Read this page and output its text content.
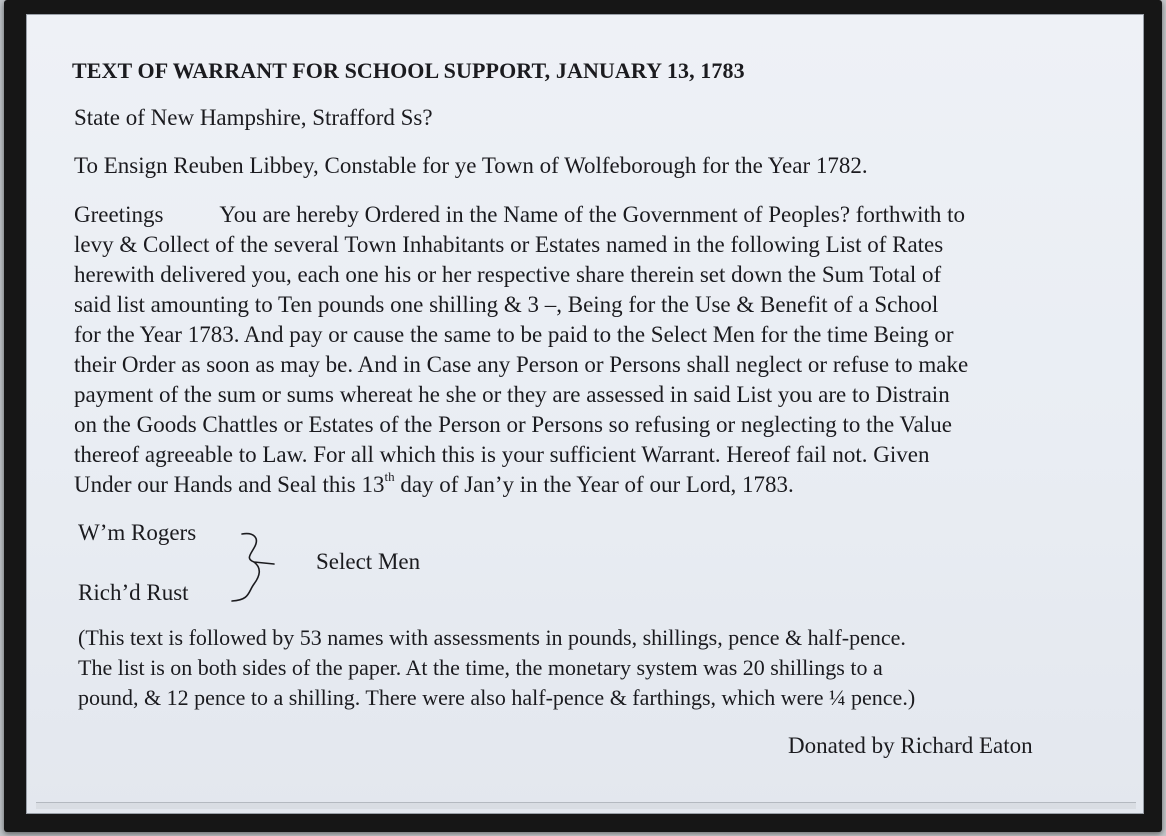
TEXT OF WARRANT FOR SCHOOL SUPPORT, JANUARY 13, 1783
State of New Hampshire, Strafford Ss?
To Ensign Reuben Libbey, Constable for ye Town of Wolfeborough for the Year 1782.
Greetings You are hereby Ordered in the Name of the Government of Peoples? forthwith to
levy & Collect of the several Town Inhabitants or Estates named in the following List of Rates
herewith delivered you, each one his or her respective share therein set down the Sum Total of
said list amounting to Ten pounds one shilling & 3 –, Being for the Use & Benefit of a School
for the Year 1783. And pay or cause the same to be paid to the Select Men for the time Being or
their Order as soon as may be. And in Case any Person or Persons shall neglect or refuse to make
payment of the sum or sums whereat he she or they are assessed in said List you are to Distrain
on the Goods Chattles or Estates of the Person or Persons so refusing or neglecting to the Value
thereof agreeable to Law. For all which this is your sufficient Warrant. Hereof fail not. Given
Under our Hands and Seal this 13th day of Jan’y in the Year of our Lord, 1783.
W’m Rogers
Rich’d Rust
Select Men
(This text is followed by 53 names with assessments in pounds, shillings, pence & half-pence.
The list is on both sides of the paper. At the time, the monetary system was 20 shillings to a
pound, & 12 pence to a shilling. There were also half-pence & farthings, which were ¼ pence.)
Donated by Richard Eaton
